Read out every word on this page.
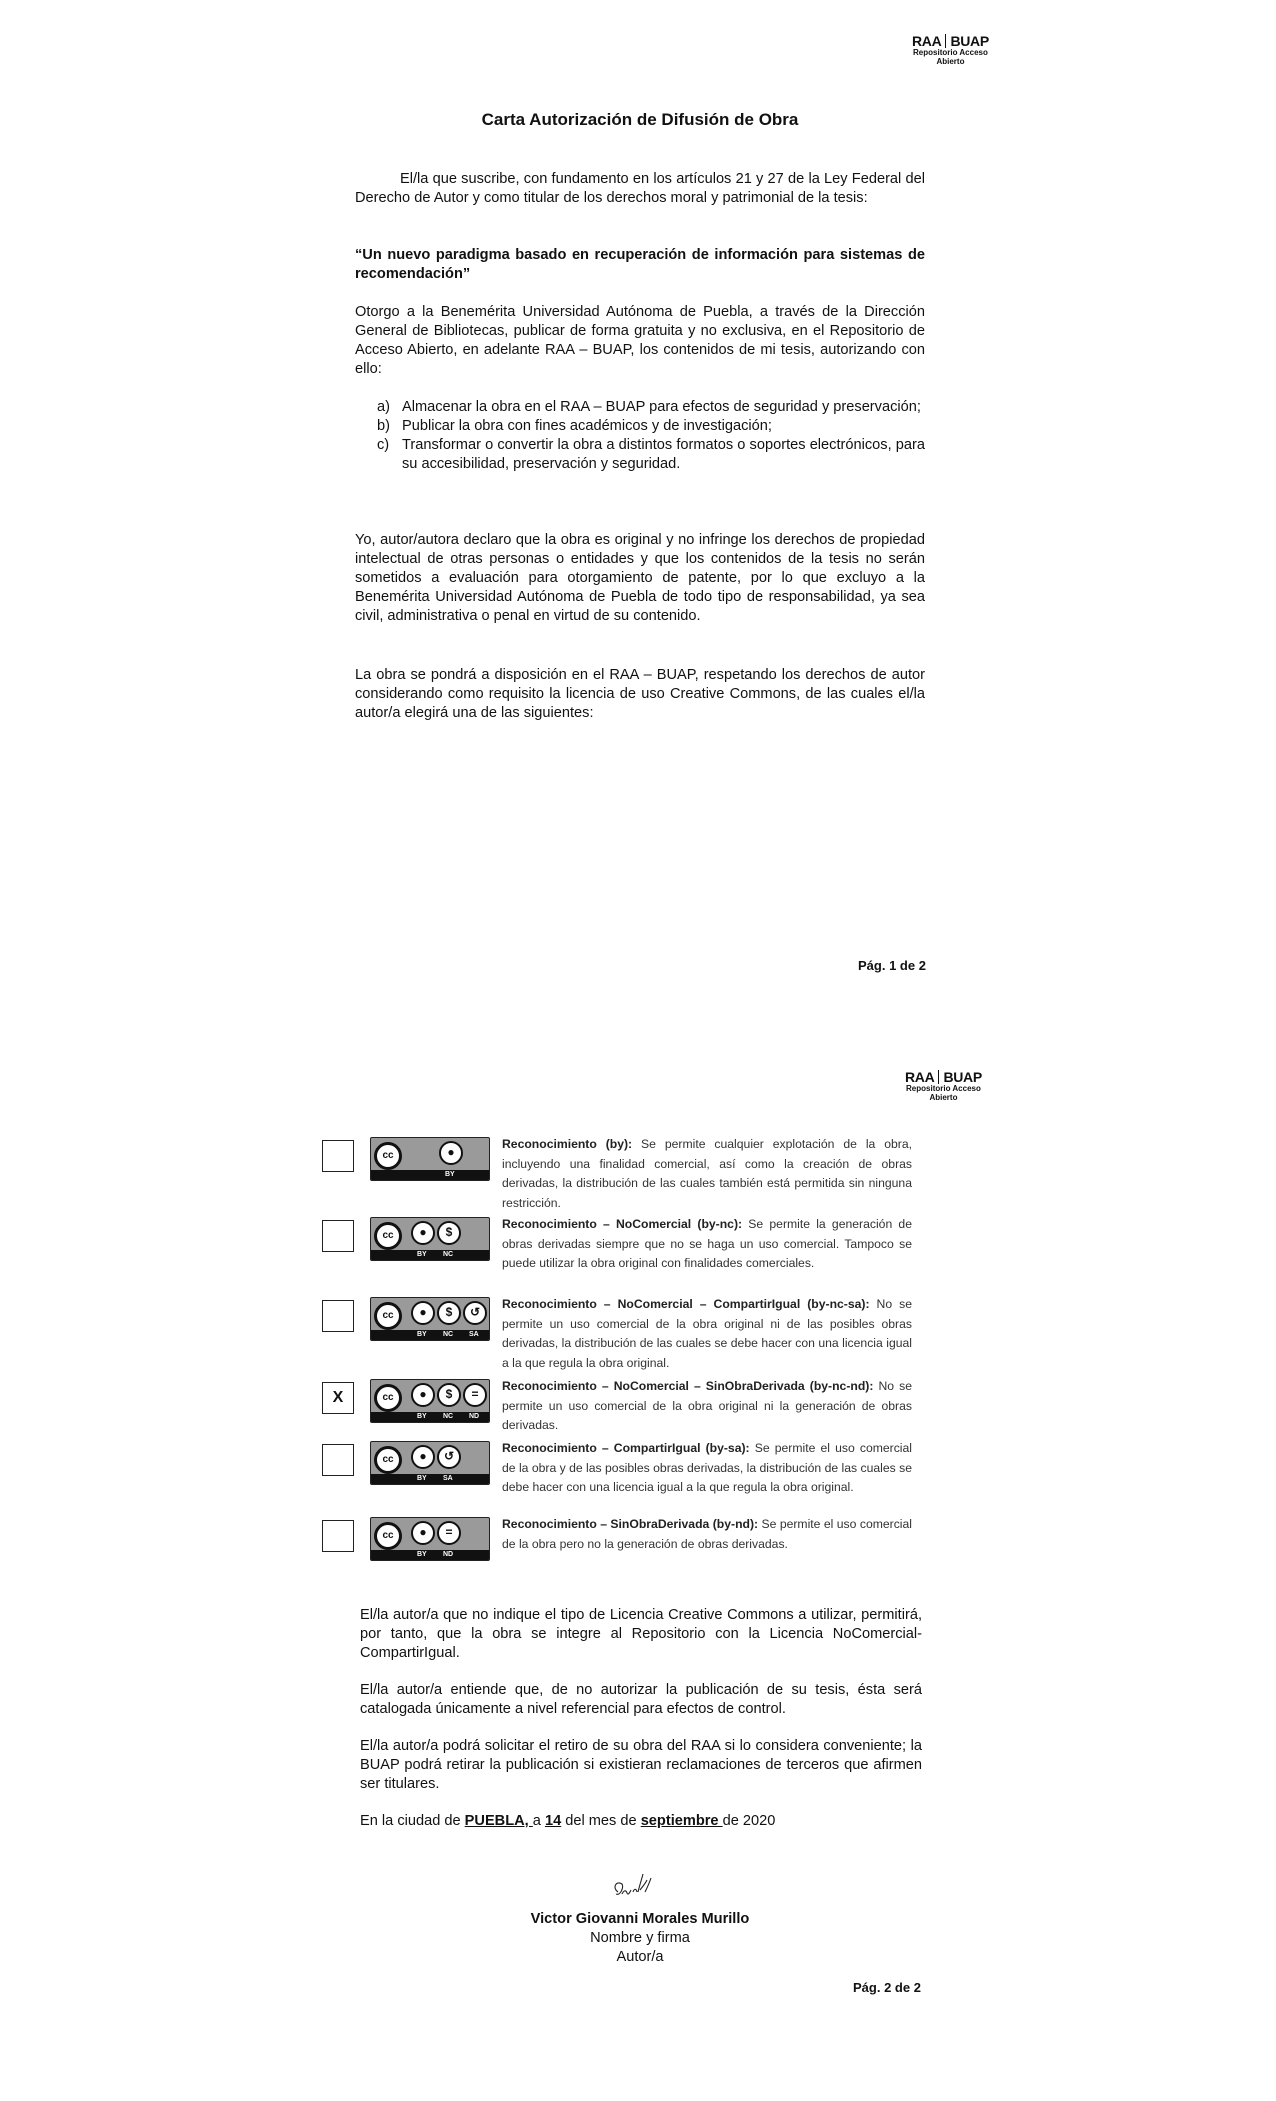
RAA BUAP
Repositorio Acceso
Abierto
Carta Autorización de Difusión de Obra

El/la que suscribe, con fundamento en los artículos 21 y 27 de la Ley Federal del Derecho de Autor y como titular de los derechos moral y patrimonial de la tesis:

“Un nuevo paradigma basado en recuperación de información para sistemas de recomendación”

Otorgo a la Benemérita Universidad Autónoma de Puebla, a través de la Dirección General de Bibliotecas, publicar de forma gratuita y no exclusiva, en el Repositorio de Acceso Abierto, en adelante RAA – BUAP, los contenidos de mi tesis, autorizando con ello:

a) Almacenar la obra en el RAA – BUAP para efectos de seguridad y preservación;
b) Publicar la obra con fines académicos y de investigación;
c) Transformar o convertir la obra a distintos formatos o soportes electrónicos, para su accesibilidad, preservación y seguridad.

Yo, autor/autora declaro que la obra es original y no infringe los derechos de propiedad intelectual de otras personas o entidades y que los contenidos de la tesis no serán sometidos a evaluación para otorgamiento de patente, por lo que excluyo a la Benemérita Universidad Autónoma de Puebla de todo tipo de responsabilidad, ya sea civil, administrativa o penal en virtud de su contenido.

La obra se pondrá a disposición en el RAA – BUAP, respetando los derechos de autor considerando como requisito la licencia de uso Creative Commons, de las cuales el/la autor/a elegirá una de las siguientes:

Pág. 1 de 2
RAA BUAP
Repositorio Acceso
Abierto
cc	●
BY
Reconocimiento (by): Se permite cualquier explotación de la obra, incluyendo una finalidad comercial, así como la creación de obras derivadas, la distribución de las cuales también está permitida sin ninguna restricción.
cc	●
BY
$
NC
Reconocimiento – NoComercial (by-nc): Se permite la generación de obras derivadas siempre que no se haga un uso comercial. Tampoco se puede utilizar la obra original con finalidades comerciales.
cc	●
BY
$
NC
↺
SA
Reconocimiento – NoComercial – CompartirIgual (by-nc-sa): No se permite un uso comercial de la obra original ni de las posibles obras derivadas, la distribución de las cuales se debe hacer con una licencia igual a la que regula la obra original.
X	cc	●
BY
$
NC
=
ND
Reconocimiento – NoComercial – SinObraDerivada (by-nc-nd): No se permite un uso comercial de la obra original ni la generación de obras derivadas.
cc	●
BY
↺
SA
Reconocimiento – CompartirIgual (by-sa): Se permite el uso comercial de la obra y de las posibles obras derivadas, la distribución de las cuales se debe hacer con una licencia igual a la que regula la obra original.
cc	●
BY
=
ND
Reconocimiento – SinObraDerivada (by-nd): Se permite el uso comercial de la obra pero no la generación de obras derivadas.

El/la autor/a que no indique el tipo de Licencia Creative Commons a utilizar, permitirá, por tanto, que la obra se integre al Repositorio con la Licencia NoComercial-CompartirIgual.

El/la autor/a entiende que, de no autorizar la publicación de su tesis, ésta será catalogada únicamente a nivel referencial para efectos de control.

El/la autor/a podrá solicitar el retiro de su obra del RAA si lo considera conveniente; la BUAP podrá retirar la publicación si existieran reclamaciones de terceros que afirmen ser titulares.

En la ciudad de PUEBLA, a 14 del mes de septiembre de 2020
Victor Giovanni Morales Murillo
Nombre y firma
Autor/a
Pág. 2 de 2
